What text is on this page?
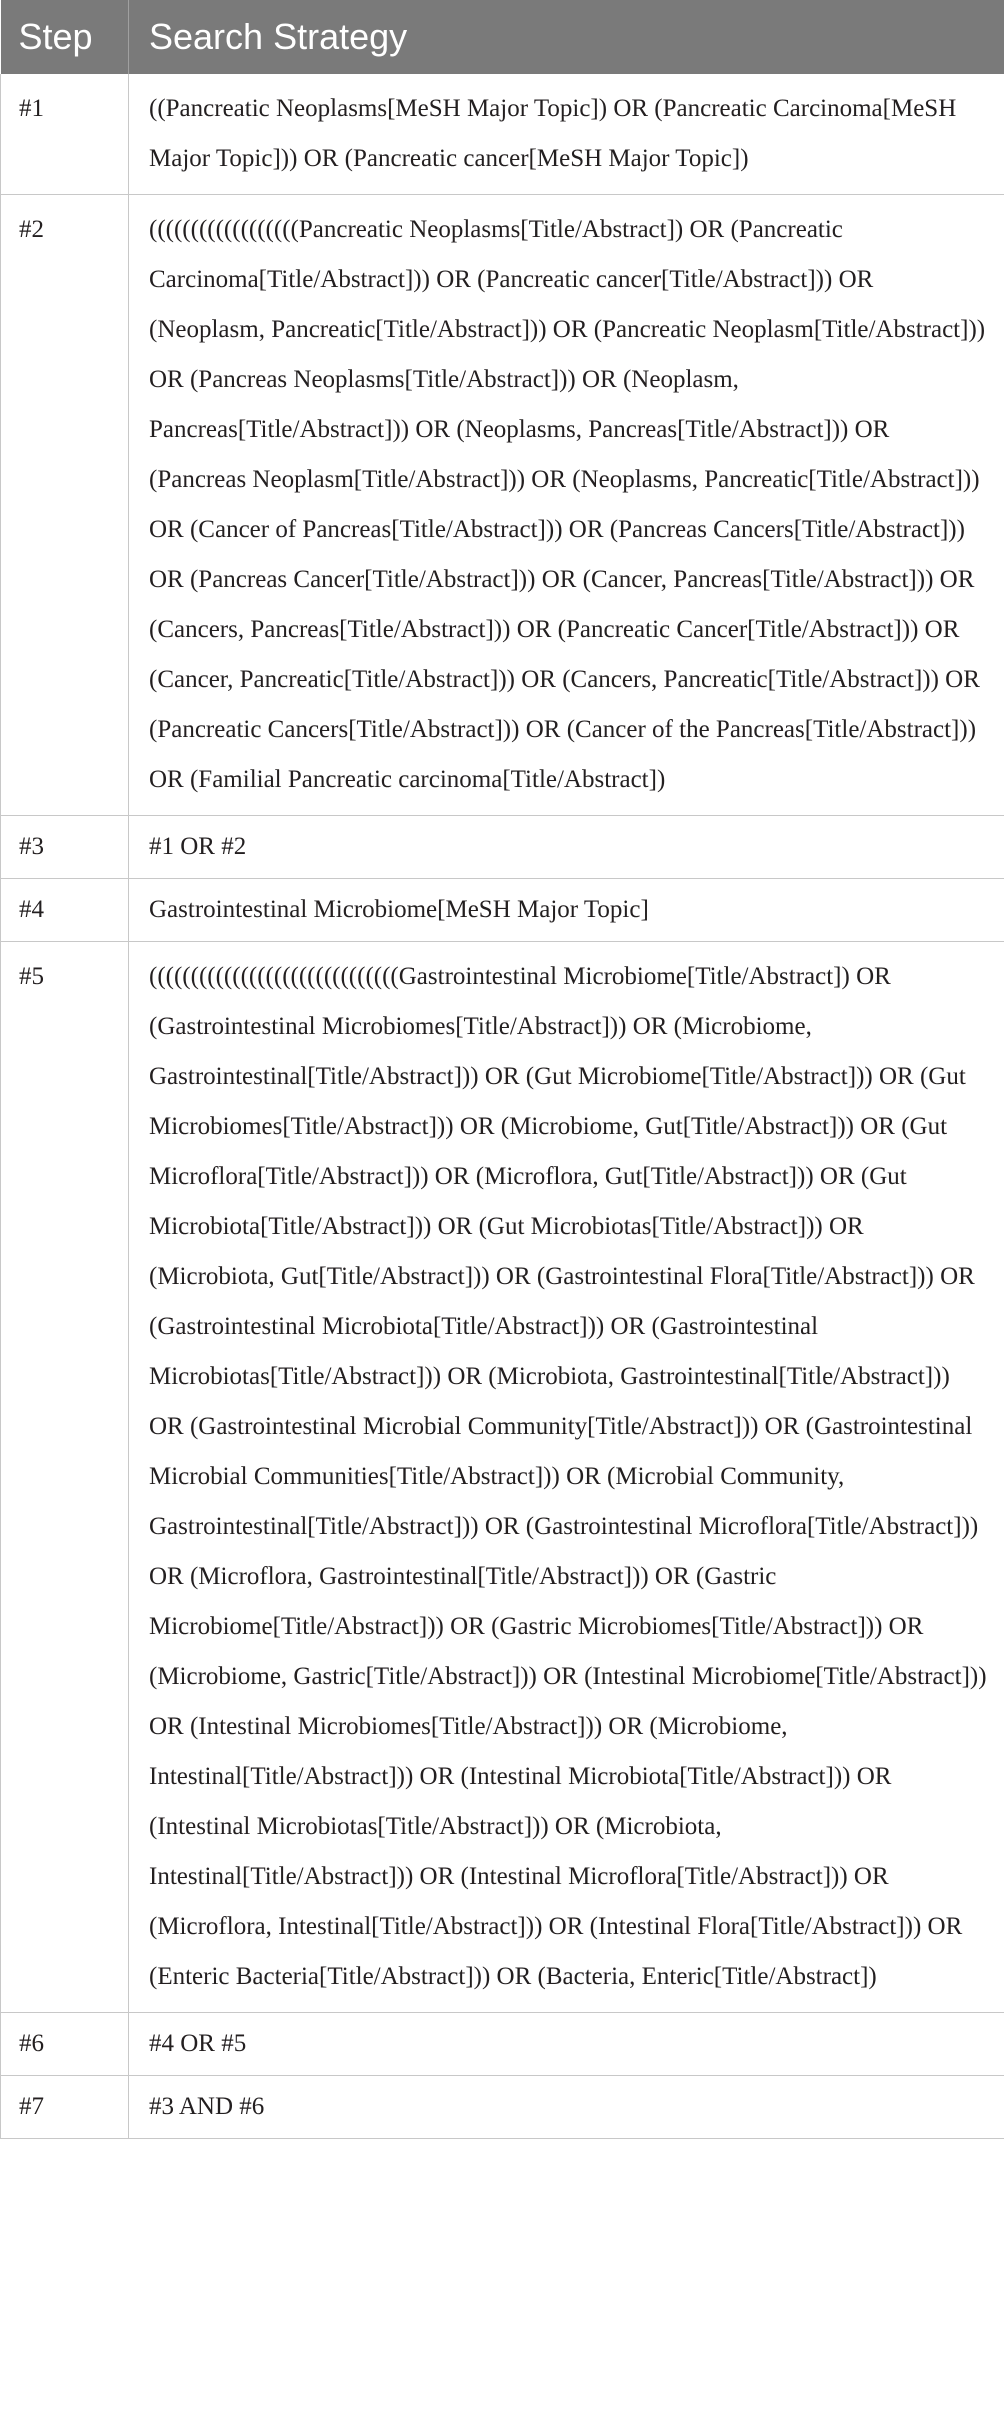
Step	Search Strategy
#1	((Pancreatic Neoplasms[MeSH Major Topic]) OR (Pancreatic Carcinoma[MeSH Major Topic])) OR (Pancreatic cancer[MeSH Major Topic])
#2	((((((((((((((((((Pancreatic Neoplasms[Title/Abstract]) OR (Pancreatic Carcinoma[Title/Abstract])) OR (Pancreatic cancer[Title/Abstract])) OR (Neoplasm, Pancreatic[Title/Abstract])) OR (Pancreatic Neoplasm[Title/Abstract])) OR (Pancreas Neoplasms[Title/Abstract])) OR (Neoplasm, Pancreas[Title/Abstract])) OR (Neoplasms, Pancreas[Title/Abstract])) OR (Pancreas Neoplasm[Title/Abstract])) OR (Neoplasms, Pancreatic[Title/Abstract])) OR (Cancer of Pancreas[Title/Abstract])) OR (Pancreas Cancers[Title/Abstract])) OR (Pancreas Cancer[Title/Abstract])) OR (Cancer, Pancreas[Title/Abstract])) OR (Cancers, Pancreas[Title/Abstract])) OR (Pancreatic Cancer[Title/Abstract])) OR (Cancer, Pancreatic[Title/Abstract])) OR (Cancers, Pancreatic[Title/Abstract])) OR (Pancreatic Cancers[Title/Abstract])) OR (Cancer of the Pancreas[Title/Abstract])) OR (Familial Pancreatic carcinoma[Title/Abstract])
#3	#1 OR #2
#4	Gastrointestinal Microbiome[MeSH Major Topic]
#5	((((((((((((((((((((((((((((((Gastrointestinal Microbiome[Title/Abstract]) OR (Gastrointestinal Microbiomes[Title/Abstract])) OR (Microbiome, Gastrointestinal[Title/Abstract])) OR (Gut Microbiome[Title/Abstract])) OR (Gut Microbiomes[Title/Abstract])) OR (Microbiome, Gut[Title/Abstract])) OR (Gut Microflora[Title/Abstract])) OR (Microflora, Gut[Title/Abstract])) OR (Gut Microbiota[Title/Abstract])) OR (Gut Microbiotas[Title/Abstract])) OR (Microbiota, Gut[Title/Abstract])) OR (Gastrointestinal Flora[Title/Abstract])) OR (Gastrointestinal Microbiota[Title/Abstract])) OR (Gastrointestinal Microbiotas[Title/Abstract])) OR (Microbiota, Gastrointestinal[Title/Abstract])) OR (Gastrointestinal Microbial Community[Title/Abstract])) OR (Gastrointestinal Microbial Communities[Title/Abstract])) OR (Microbial Community, Gastrointestinal[Title/Abstract])) OR (Gastrointestinal Microflora[Title/Abstract])) OR (Microflora, Gastrointestinal[Title/Abstract])) OR (Gastric Microbiome[Title/Abstract])) OR (Gastric Microbiomes[Title/Abstract])) OR (Microbiome, Gastric[Title/Abstract])) OR (Intestinal Microbiome[Title/Abstract])) OR (Intestinal Microbiomes[Title/Abstract])) OR (Microbiome, Intestinal[Title/Abstract])) OR (Intestinal Microbiota[Title/Abstract])) OR (Intestinal Microbiotas[Title/Abstract])) OR (Microbiota, Intestinal[Title/Abstract])) OR (Intestinal Microflora[Title/Abstract])) OR (Microflora, Intestinal[Title/Abstract])) OR (Intestinal Flora[Title/Abstract])) OR (Enteric Bacteria[Title/Abstract])) OR (Bacteria, Enteric[Title/Abstract])
#6	#4 OR #5
#7	#3 AND #6
